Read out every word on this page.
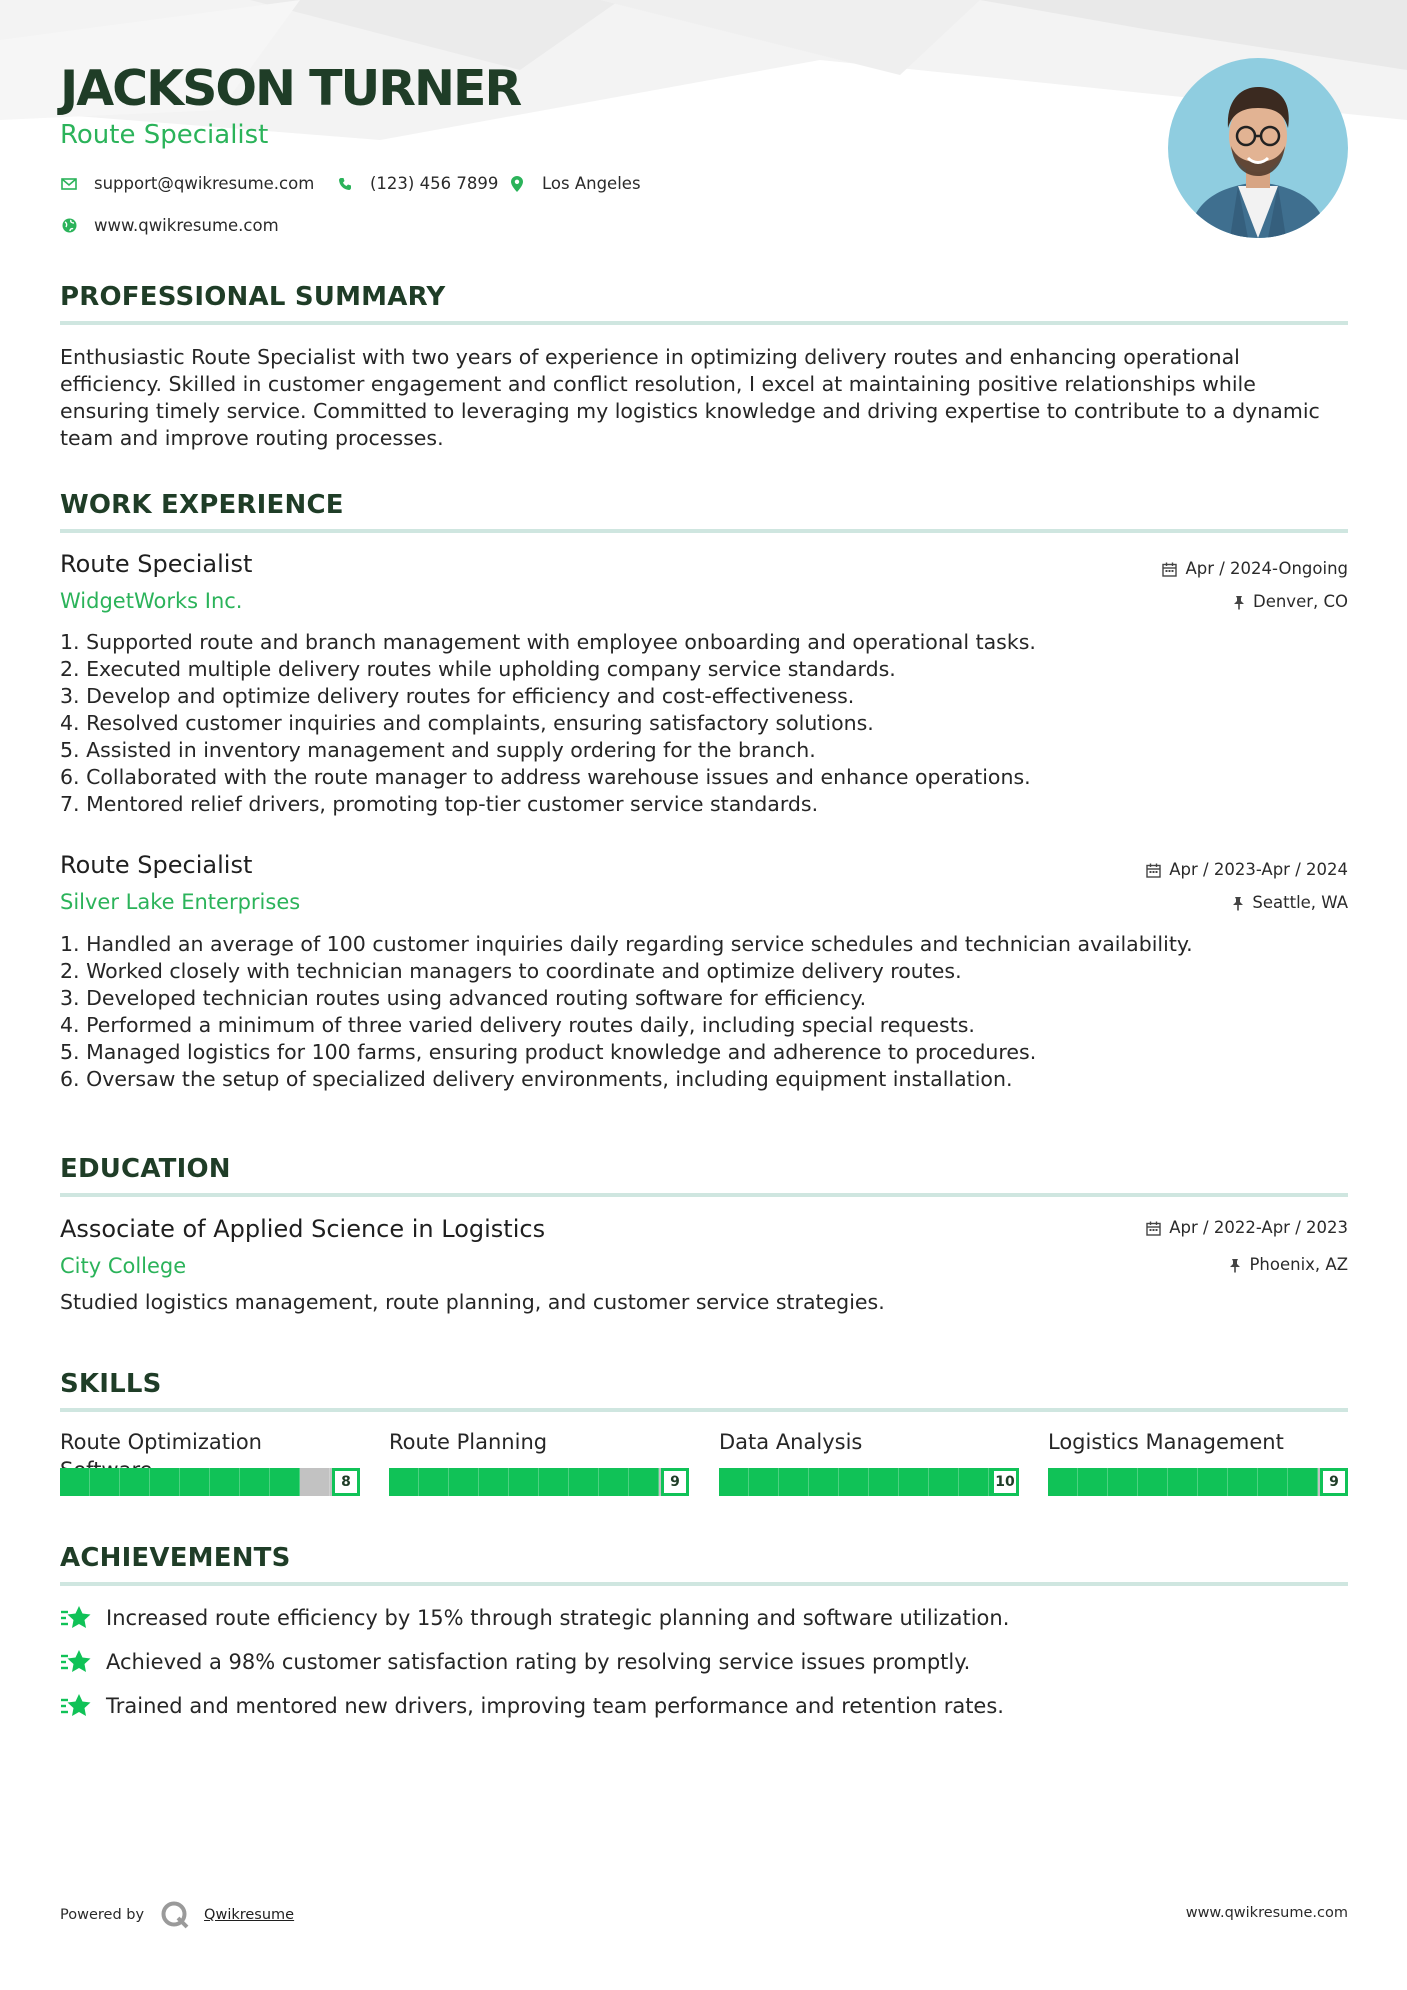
JACKSON TURNER
Route Specialist
support@qwikresume.com	(123) 456 7899	Los Angeles
www.qwikresume.com
PROFESSIONAL SUMMARY
Enthusiastic Route Specialist with two years of experience in optimizing delivery routes and enhancing operational
efficiency. Skilled in customer engagement and conflict resolution, I excel at maintaining positive relationships while
ensuring timely service. Committed to leveraging my logistics knowledge and driving expertise to contribute to a dynamic
team and improve routing processes.
WORK EXPERIENCE
Route Specialist
WidgetWorks Inc.
Apr / 2024-Ongoing
Denver, CO
1. Supported route and branch management with employee onboarding and operational tasks.
2. Executed multiple delivery routes while upholding company service standards.
3. Develop and optimize delivery routes for efficiency and cost-effectiveness.
4. Resolved customer inquiries and complaints, ensuring satisfactory solutions.
5. Assisted in inventory management and supply ordering for the branch.
6. Collaborated with the route manager to address warehouse issues and enhance operations.
7. Mentored relief drivers, promoting top-tier customer service standards.
Route Specialist
Silver Lake Enterprises
Apr / 2023-Apr / 2024
Seattle, WA
1. Handled an average of 100 customer inquiries daily regarding service schedules and technician availability.
2. Worked closely with technician managers to coordinate and optimize delivery routes.
3. Developed technician routes using advanced routing software for efficiency.
4. Performed a minimum of three varied delivery routes daily, including special requests.
5. Managed logistics for 100 farms, ensuring product knowledge and adherence to procedures.
6. Oversaw the setup of specialized delivery environments, including equipment installation.
EDUCATION
Associate of Applied Science in Logistics
City College
Apr / 2022-Apr / 2023
Phoenix, AZ
Studied logistics management, route planning, and customer service strategies.
SKILLS
Route Optimization
8
Route Planning
9
Data Analysis
10
Logistics Management
9
ACHIEVEMENTS
Increased route efficiency by 15% through strategic planning and software utilization.
Achieved a 98% customer satisfaction rating by resolving service issues promptly.
Trained and mentored new drivers, improving team performance and retention rates.
Powered by	Qwikresume	www.qwikresume.com
